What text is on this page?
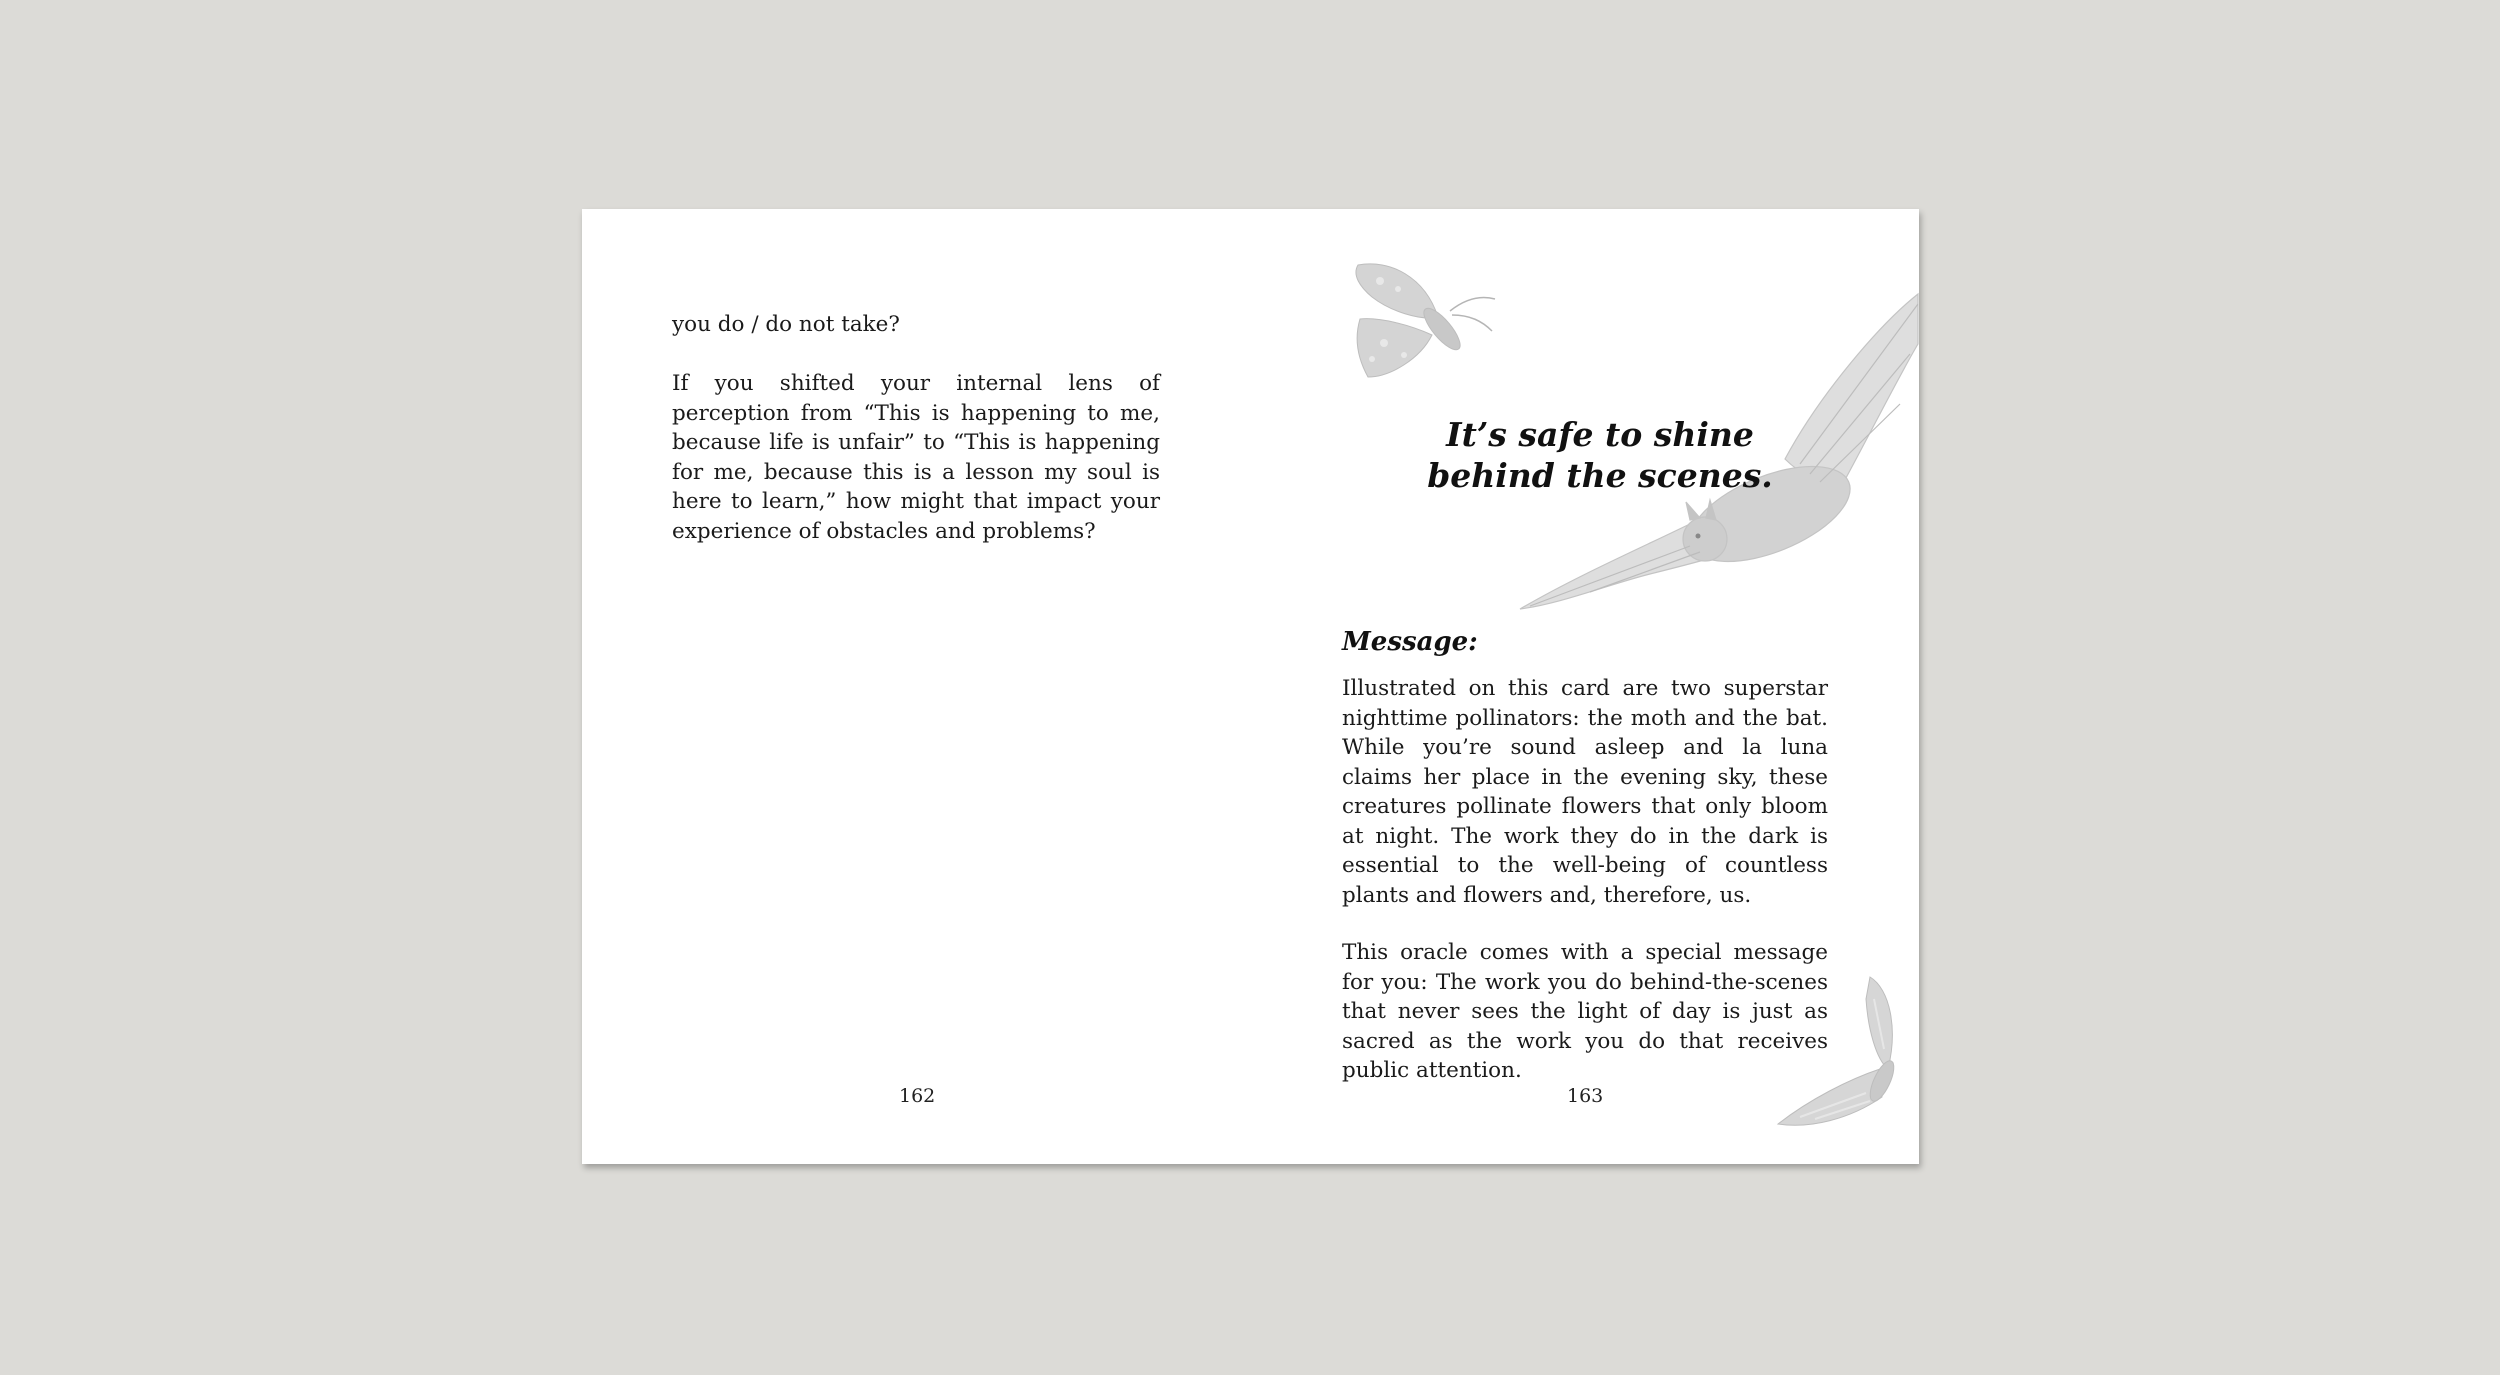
you do / do not take?

If you shifted your internal lens of perception from “This is happening to me, because life is unfair” to “This is happening for me, because this is a lesson my soul is here to learn,” how might that impact your experience of obstacles and problems?

162
It’s safe to shine
behind the scenes.
Message:

Illustrated on this card are two superstar nighttime pollinators: the moth and the bat. While you’re sound asleep and la luna claims her place in the evening sky, these creatures pollinate flowers that only bloom at night. The work they do in the dark is essential to the well-being of countless plants and flowers and, therefore, us.

This oracle comes with a special message for you: The work you do behind-the-scenes that never sees the light of day is just as sacred as the work you do that receives public attention.

163
